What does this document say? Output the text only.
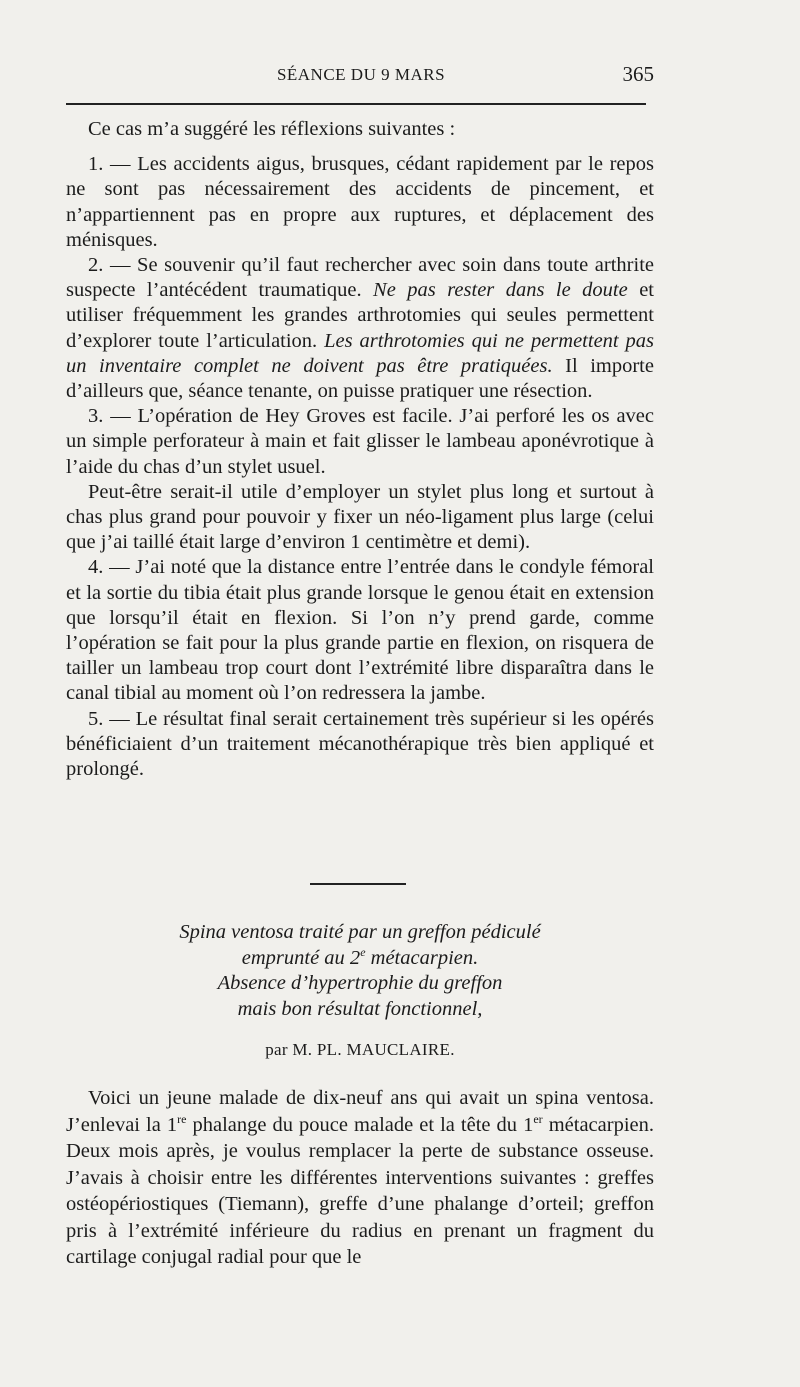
SÉANCE DU 9 MARS	365

Ce cas m’a suggéré les réflexions suivantes :

1. — Les accidents aigus, brusques, cédant rapidement par le repos ne sont pas nécessairement des accidents de pincement, et n’appartiennent pas en propre aux ruptures, et déplacement des ménisques.

2. — Se souvenir qu’il faut rechercher avec soin dans toute arthrite suspecte l’antécédent traumatique. Ne pas rester dans le doute et utiliser fréquemment les grandes arthrotomies qui seules permettent d’explorer toute l’articulation. Les arthrotomies qui ne permettent pas un inventaire complet ne doivent pas être pratiquées. Il importe d’ailleurs que, séance tenante, on puisse pratiquer une résection.

3. — L’opération de Hey Groves est facile. J’ai perforé les os avec un simple perforateur à main et fait glisser le lambeau aponévrotique à l’aide du chas d’un stylet usuel.

Peut-être serait-il utile d’employer un stylet plus long et surtout à chas plus grand pour pouvoir y fixer un néo-ligament plus large (celui que j’ai taillé était large d’environ 1 centimètre et demi).

4. — J’ai noté que la distance entre l’entrée dans le condyle fémoral et la sortie du tibia était plus grande lorsque le genou était en extension que lorsqu’il était en flexion. Si l’on n’y prend garde, comme l’opération se fait pour la plus grande partie en flexion, on risquera de tailler un lambeau trop court dont l’extrémité libre disparaîtra dans le canal tibial au moment où l’on redressera la jambe.

5. — Le résultat final serait certainement très supérieur si les opérés bénéficiaient d’un traitement mécanothérapique très bien appliqué et prolongé.

Spina ventosa traité par un greffon pédiculé
emprunté au 2e métacarpien.
Absence d’hypertrophie du greffon
mais bon résultat fonctionnel,
par M. PL. MAUCLAIRE.

Voici un jeune malade de dix-neuf ans qui avait un spina ventosa. J’enlevai la 1re phalange du pouce malade et la tête du 1er métacarpien. Deux mois après, je voulus remplacer la perte de substance osseuse. J’avais à choisir entre les différentes interventions suivantes : greffes ostéopériostiques (Tiemann), greffe d’une phalange d’orteil; greffon pris à l’extrémité inférieure du radius en prenant un fragment du cartilage conjugal radial pour que le
